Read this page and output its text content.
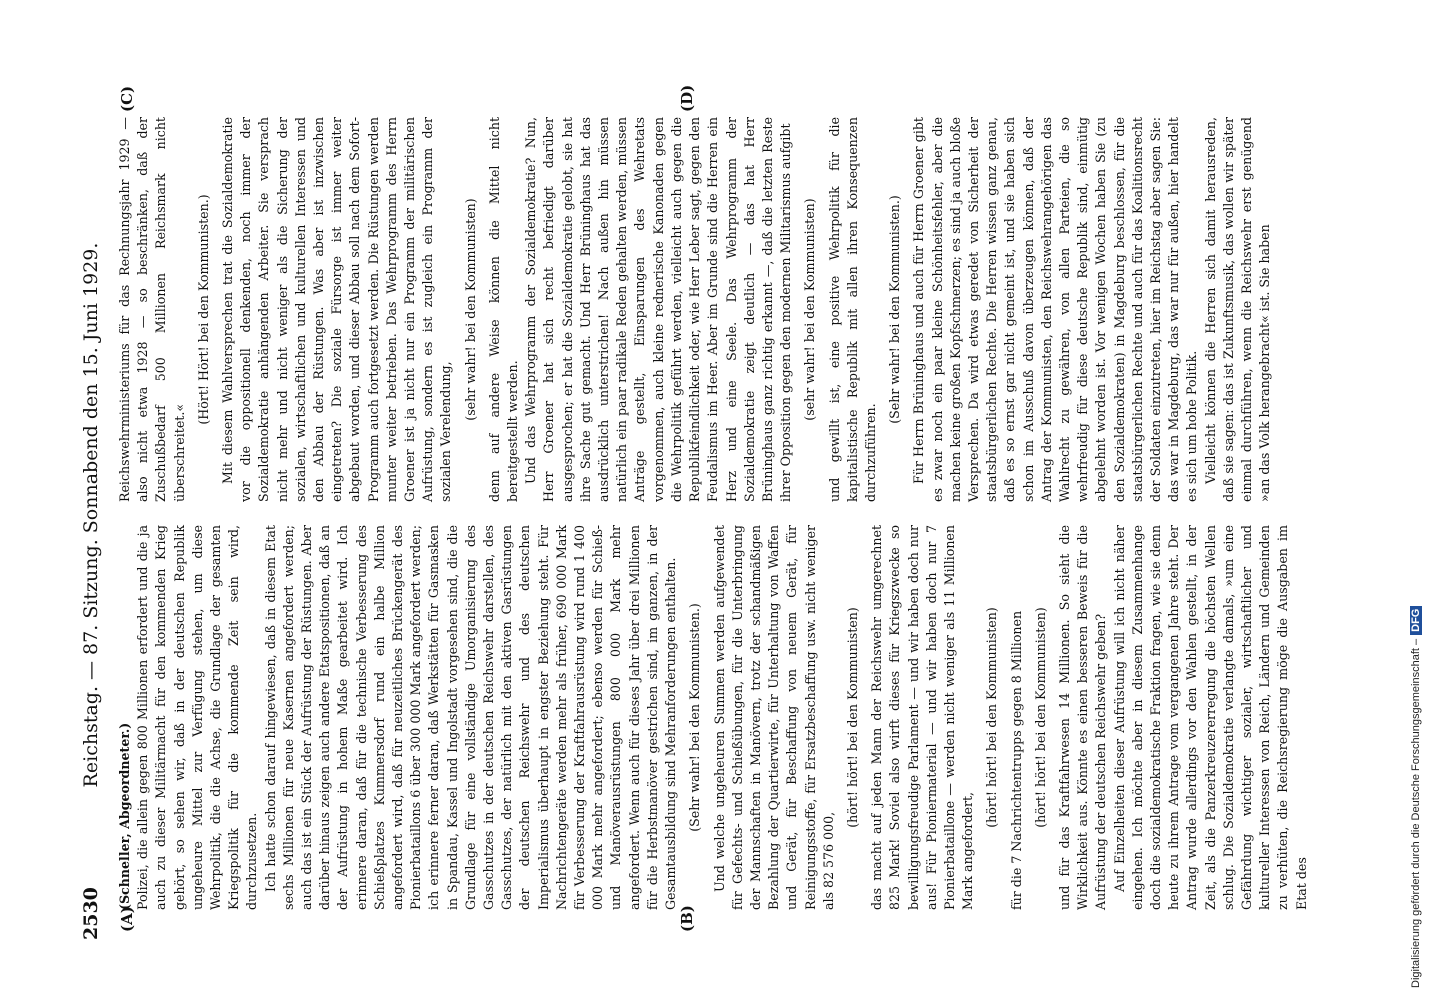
2530
Reichstag. — 87. Sitzung. Sonnabend den 15. Juni 1929.
(A)	(B)
(C)	(D)

(Schneller, Abgeordneter.) Polizei, die allein gegen 800 Millionen erfordert und die ja auch zu dieser Militärmacht für den kommenden Krieg gehört, so sehen wir, daß in der deutschen Republik ungeheure Mittel zur Verfügung stehen, um diese Wehrpolitik, die die Achse, die Grundlage der gesamten Kriegspolitik für die kommende Zeit sein wird, durchzusetzen. Ich hatte schon darauf hingewiesen, daß in diesem Etat sechs Millionen für neue Kasernen angefordert werden; auch das ist ein Stück der Aufrüstung der Rüstungen. Aber darüber hinaus zeigen auch andere Etatspositionen, daß an der Aufrüstung in hohem Maße gearbeitet wird. Ich erinnere daran, daß für die technische Verbesserung des Schießplatzes Kummersdorf rund ein halbe Million angefordert wird, daß für neuzeitliches Brückengerät des Pionierbataillons 6 über 300 000 Mark angefordert werden; ich erinnere ferner daran, daß Werkstätten für Gasmasken in Spandau, Kassel und Ingolstadt vorgesehen sind, die die Grundlage für eine vollständige Umorganisierung des Gasschutzes in der deutschen Reichswehr darstellen, des Gasschutzes, der natürlich mit den aktiven Gasrüstungen der deutschen Reichswehr und des deutschen Imperialismus überhaupt in engster Beziehung steht. Für Nachrichtengeräte werden mehr als früher, 690 000 Mark für Verbesserung der Kraftfahrausrüstung wird rund 1 400 000 Mark mehr angefordert; ebenso werden für Schieß- und Manöverausrüstungen 800 000 Mark mehr angefordert. Wenn auch für dieses Jahr über drei Millionen für die Herbstmanöver gestrichen sind, im ganzen, in der Gesamtausbildung sind Mehranforderungen enthalten. (Sehr wahr! bei den Kommunisten.) Und welche ungeheuren Summen werden aufgewendet für Gefechts- und Schießübungen, für die Unterbringung der Mannschaften in Manövern, trotz der schandmäßigen Bezahlung der Quartierwirte, für Unterhaltung von Waffen und Gerät, für Beschaffung von neuem Gerät, für Reinigungsstoffe, für Ersatzbeschaffung usw. nicht weniger als 82 576 000,

(hört! hört! bei den Kommunisten) das macht auf jeden Mann der Reichswehr umgerechnet 825 Mark! Soviel also wirft dieses für Kriegszwecke so bewilligungsfreudige Parlament — und wir haben doch nur aus! Für Pioniermaterial — und wir haben doch nur 7 Pionierbataillone — werden nicht weniger als 11 Millionen Mark angefordert,

(hört! hört! bei den Kommunisten) für die 7 Nachrichtentrupps gegen 8 Millionen (hört! hört! bei den Kommunisten) und für das Kraftfahrwesen 14 Millionen. So sieht die Wirklichkeit aus. Könnte es einen besseren Beweis für die Aufrüstung der deutschen Reichswehr geben? Auf Einzelheiten dieser Aufrüstung will ich nicht näher eingehen. Ich möchte aber in diesem Zusammenhange doch die sozialdemokratische Fraktion fragen, wie sie denn heute zu ihrem Antrage vom vergangenen Jahre steht. Der Antrag wurde allerdings vor den Wahlen gestellt, in der Zeit, als die Panzerkreuzererregung die höchsten Wellen schlug. Die Sozialdemokratie verlangte damals, »um eine Gefährdung wichtiger sozialer, wirtschaftlicher und kultureller Interessen von Reich, Ländern und Gemeinden zu verhüten, die Reichsregierung möge die Ausgaben im Etat des

Reichswehrministeriums für das Rechnungsjahr 1929 — also nicht etwa 1928 — so beschränken, daß der Zuschußbedarf 500 Millionen Reichsmark nicht überschreitet.«

(Hört! Hört! bei den Kommunisten.) Mit diesem Wahlversprechen trat die Sozialdemokratie vor die oppositionell denkenden, noch immer der Sozialdemokratie anhängenden Arbeiter. Sie versprach nicht mehr und nicht weniger als die Sicherung der sozialen, wirtschaftlichen und kulturellen Interessen und den Abbau der Rüstungen. Was aber ist inzwischen eingetreten? Die soziale Fürsorge ist immer weiter abgebaut worden, und dieser Abbau soll nach dem Sofort-Programm auch fortgesetzt werden. Die Rüstungen werden munter weiter betrieben. Das Wehrprogramm des Herrn Groener ist ja nicht nur ein Programm der militärischen Aufrüstung, sondern es ist zugleich ein Programm der sozialen Verelendung,

(sehr wahr! bei den Kommunisten) denn auf andere Weise können die Mittel nicht bereitgestellt werden. Und das Wehrprogramm der Sozialdemokratie? Nun, Herr Groener hat sich recht befriedigt darüber ausgesprochen; er hat die Sozialdemokratie gelobt, sie hat ihre Sache gut gemacht. Und Herr Brüninghaus hat das ausdrücklich unterstrichen! Nach außen hin müssen natürlich ein paar radikale Reden gehalten werden, müssen Anträge gestellt, Einsparungen des Wehretats vorgenommen, auch kleine rednerische Kanonaden gegen die Wehrpolitik geführt werden, vielleicht auch gegen die Republikfeindlichkeit oder, wie Herr Leber sagt, gegen den Feudalismus im Heer. Aber im Grunde sind die Herren ein Herz und eine Seele. Das Wehrprogramm der Sozialdemokratie zeigt deutlich — das hat Herr Brüninghaus ganz richtig erkannt —, daß die letzten Reste ihrer Opposition gegen den modernen Militarismus aufgibt (sehr wahr! bei den Kommunisten) und gewillt ist, eine positive Wehrpolitik für die kapitalistische Republik mit allen ihren Konsequenzen durchzuführen.

(Sehr wahr! bei den Kommunisten.) Für Herrn Brüninghaus und auch für Herrn Groener gibt es zwar noch ein paar kleine Schönheitsfehler, aber die machen keine großen Kopfschmerzen; es sind ja auch bloße Versprechen. Da wird etwas geredet von Sicherheit der staatsbürgerlichen Rechte. Die Herren wissen ganz genau, daß es so ernst gar nicht gemeint ist, und sie haben sich schon im Ausschuß davon überzeugen können, daß der Antrag der Kommunisten, den Reichswehrangehörigen das Wahlrecht zu gewähren, von allen Parteien, die so wehrfreudig für diese deutsche Republik sind, einmütig abgelehnt worden ist. Vor wenigen Wochen haben Sie (zu den Sozialdemokraten) in Magdeburg beschlossen, für die staatsbürgerlichen Rechte und auch für das Koalitionsrecht der Soldaten einzutreten, hier im Reichstag aber sagen Sie: das war in Magdeburg, das war nur für außen, hier handelt es sich um hohe Politik. Vielleicht können die Herren sich damit herausreden, daß sie sagen: das ist Zukunftsmusik, das wollen wir später einmal durchführen, wenn die Reichswehr erst genügend »an das Volk herangebracht« ist. Sie haben

Digitalisierung gefördert durch die Deutsche Forschungsgemeinschaft –DFG
